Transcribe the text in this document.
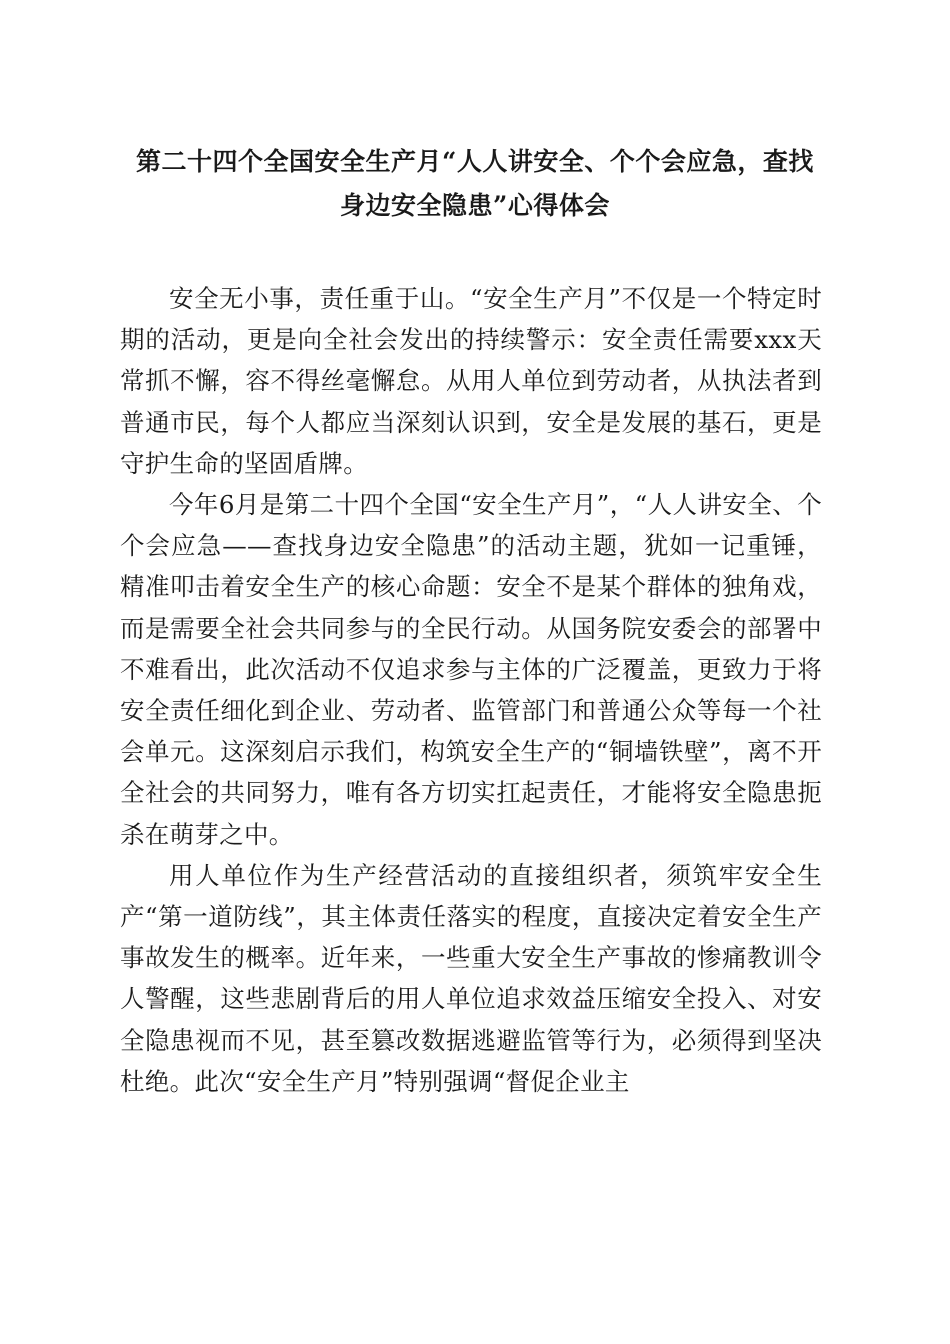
第二十四个全国安全生产月“人人讲安全、个个会应急，查找
身边安全隐患”心得体会

安全无小事，责任重于山。“安全生产月”不仅是一个特定时期的活动，更是向全社会发出的持续警示：安全责任需要xxx天常抓不懈，容不得丝毫懈怠。从用人单位到劳动者，从执法者到普通市民，每个人都应当深刻认识到，安全是发展的基石，更是守护生命的坚固盾牌。

今年6月是第二十四个全国“安全生产月”，“人人讲安全、个个会应急——查找身边安全隐患”的活动主题，犹如一记重锤，精准叩击着安全生产的核心命题：安全不是某个群体的独角戏，而是需要全社会共同参与的全民行动。从国务院安委会的部署中不难看出，此次活动不仅追求参与主体的广泛覆盖，更致力于将安全责任细化到企业、劳动者、监管部门和普通公众等每一个社会单元。这深刻启示我们，构筑安全生产的“铜墙铁壁”，离不开全社会的共同努力，唯有各方切实扛起责任，才能将安全隐患扼杀在萌芽之中。

用人单位作为生产经营活动的直接组织者，须筑牢安全生产“第一道防线”，其主体责任落实的程度，直接决定着安全生产事故发生的概率。近年来，一些重大安全生产事故的惨痛教训令人警醒，这些悲剧背后的用人单位追求效益压缩安全投入、对安全隐患视而不见，甚至篡改数据逃避监管等行为，必须得到坚决杜绝。此次“安全生产月”特别强调“督促企业主
